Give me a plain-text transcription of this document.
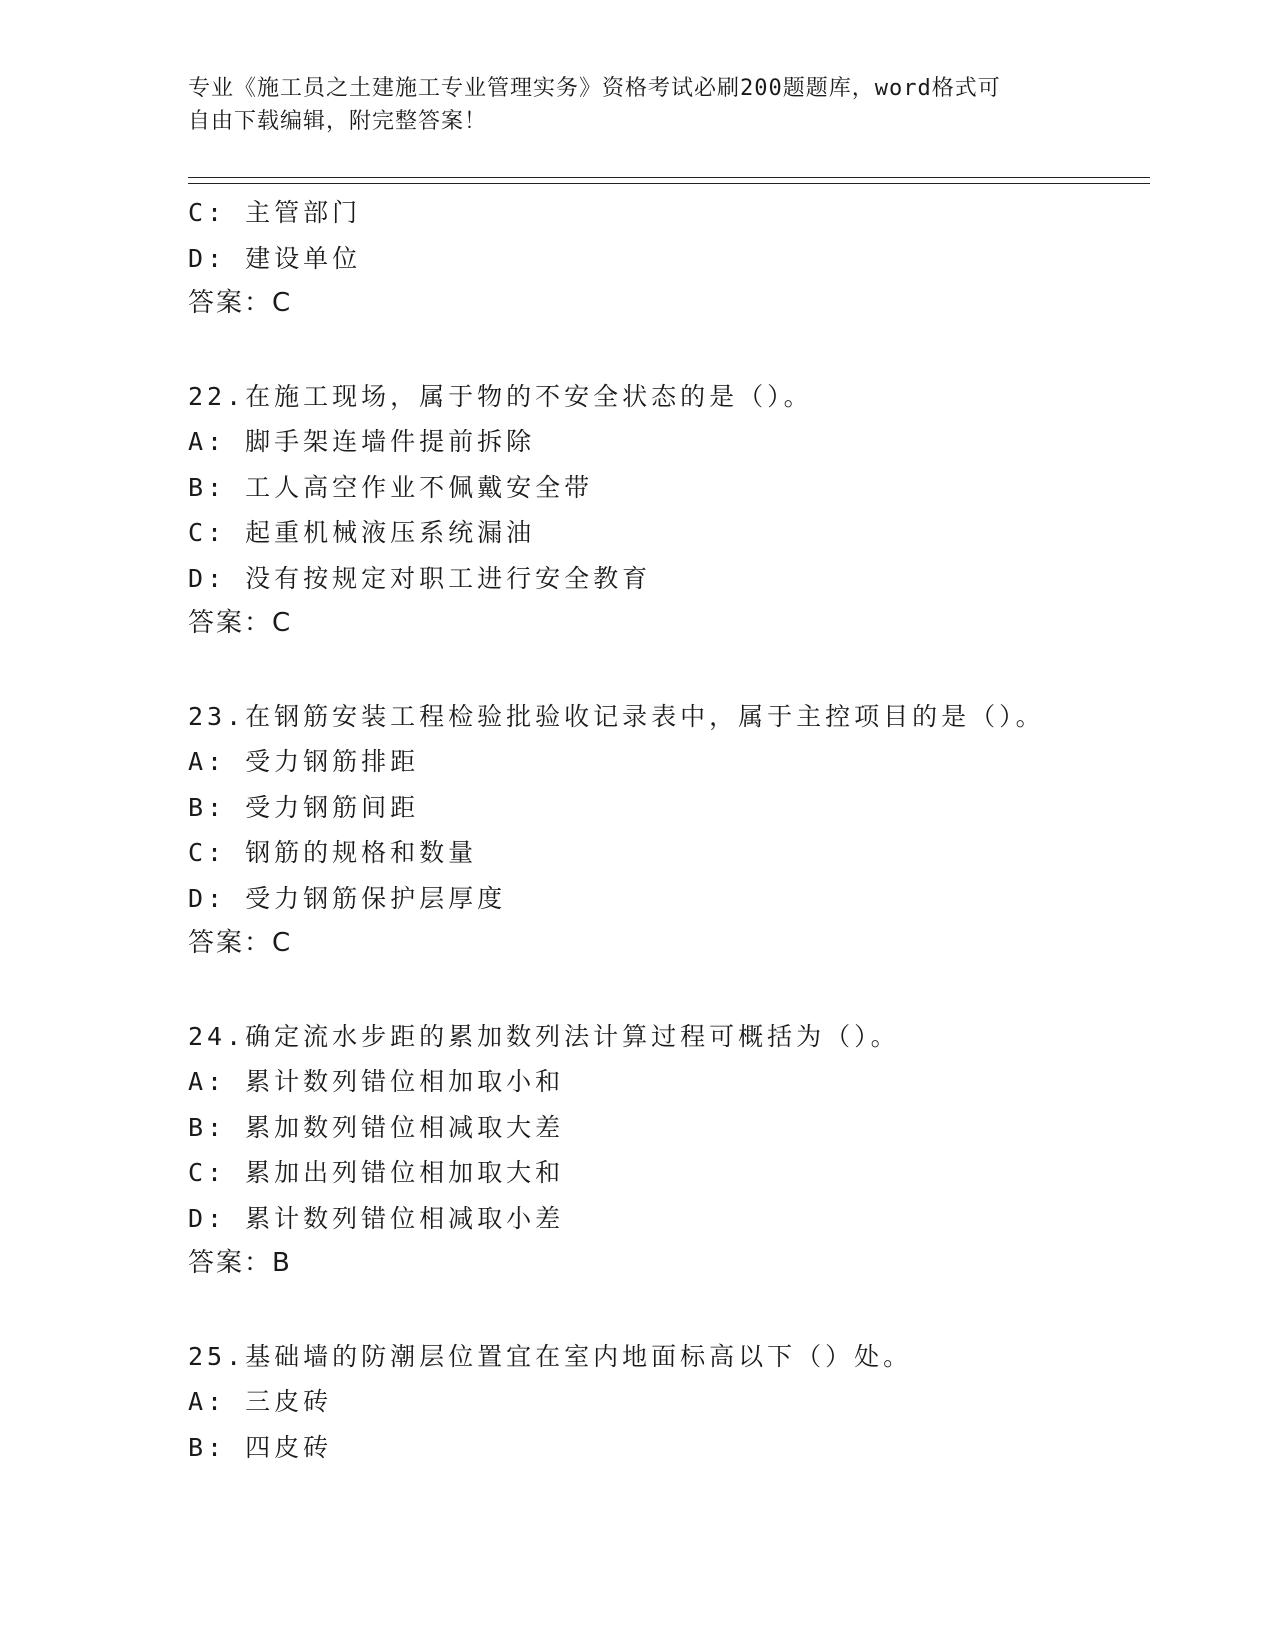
专业《施工员之土建施工专业管理实务》资格考试必刷200题题库，word格式可
自由下载编辑，附完整答案！
C: 主管部门
D: 建设单位
答案：C
22.在施工现场，属于物的不安全状态的是（）。
A: 脚手架连墙件提前拆除
B: 工人高空作业不佩戴安全带
C: 起重机械液压系统漏油
D: 没有按规定对职工进行安全教育
答案：C
23.在钢筋安装工程检验批验收记录表中，属于主控项目的是（）。
A: 受力钢筋排距
B: 受力钢筋间距
C: 钢筋的规格和数量
D: 受力钢筋保护层厚度
答案：C
24.确定流水步距的累加数列法计算过程可概括为（）。
A: 累计数列错位相加取小和
B: 累加数列错位相减取大差
C: 累加出列错位相加取大和
D: 累计数列错位相减取小差
答案：B
25.基础墙的防潮层位置宜在室内地面标高以下（）处。
A: 三皮砖
B: 四皮砖
